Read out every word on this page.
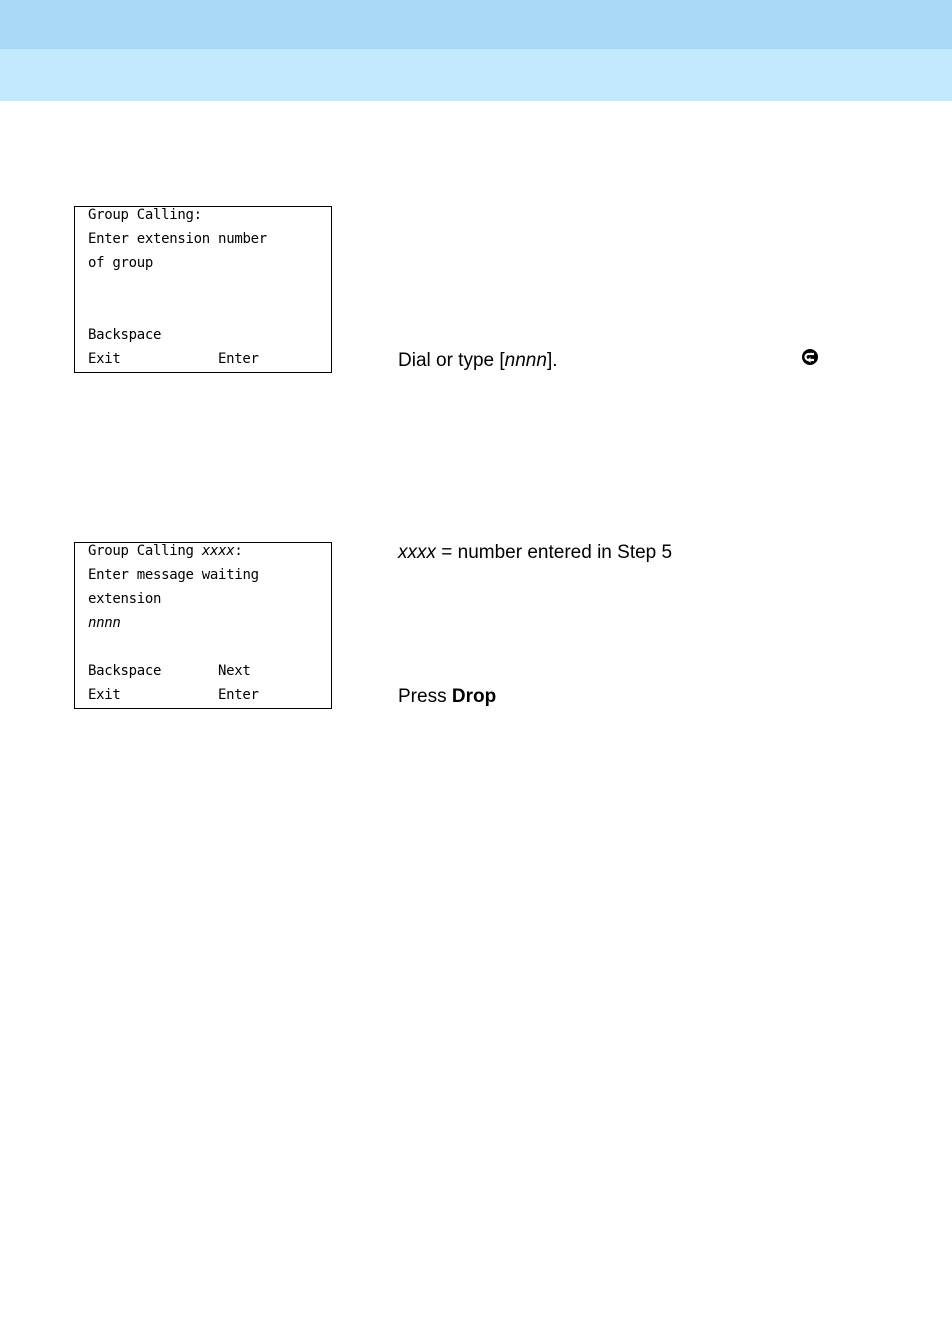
Group Calling:
Enter extension number
of group
Backspace
Exit	Enter	Dial or type [nnnn].
Group Calling xxxx:
Enter message waiting
extension
nnnn
Backspace	Next
Exit	Enter
xxxx = number entered in Step 5
Press Drop
